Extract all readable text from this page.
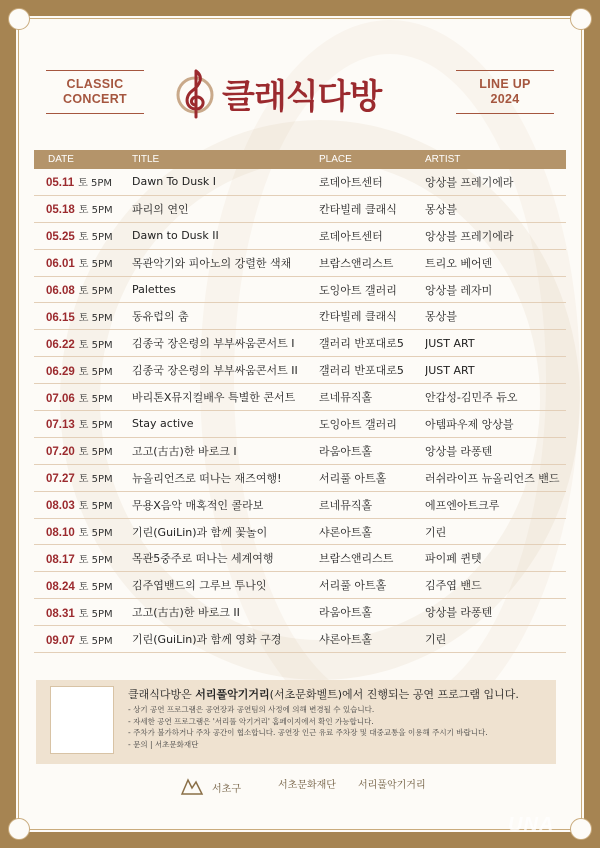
CLASSIC
CONCERT	클래식다방	LINE UP
2024
DATE	TITLE	PLACE	ARTIST
05.11 토 5PM	Dawn To Dusk I	로데아트센터	앙상블 프레기에라
05.18 토 5PM	파리의 연인	칸타빌레 클래식	몽상블
05.25 토 5PM	Dawn to Dusk II	로데아트센터	앙상블 프레기에라
06.01 토 5PM	목관악기와 피아노의 강렬한 색채	브람스앤리스트	트리오 베어덴
06.08 토 5PM	Palettes	도잉아트 갤러리	앙상블 레자미
06.15 토 5PM	동유럽의 춤	칸타빌레 클래식	몽상블
06.22 토 5PM	김종국 장은령의 부부싸움콘서트 I	갤러리 반포대로5	JUST ART
06.29 토 5PM	김종국 장은령의 부부싸움콘서트 II	갤러리 반포대로5	JUST ART
07.06 토 5PM	바리톤X뮤지컬배우 특별한 콘서트	르네뮤직홀	안갑성-김민주 듀오
07.13 토 5PM	Stay active	도잉아트 갤러리	아템파우제 앙상블
07.20 토 5PM	고고(古古)한 바로크 I	라움아트홀	앙상블 라퐁텐
07.27 토 5PM	뉴올리언즈로 떠나는 재즈여행!	서리풀 아트홀	러쉬라이프 뉴올리언즈 밴드
08.03 토 5PM	무용X음악 매혹적인 콜라보	르네뮤직홀	에프엔아트크루
08.10 토 5PM	기린(GuiLin)과 함께 꽃놀이	샤론아트홀	기린
08.17 토 5PM	목관5중주로 떠나는 세계여행	브람스앤리스트	파이페 퀸텟
08.24 토 5PM	김주엽밴드의 그루브 투나잇	서리풀 아트홀	김주엽 밴드
08.31 토 5PM	고고(古古)한 바로크 II	라움아트홀	앙상블 라퐁텐
09.07 토 5PM	기린(GuiLin)과 함께 영화 구경	샤론아트홀	기린
클래식다방은 서리풀악기거리(서초문화벨트)에서 진행되는 공연 프로그램 입니다.
- 상기 공연 프로그램은 공연장과 공연팀의 사정에 의해 변경될 수 있습니다.
- 자세한 공연 프로그램은 '서리풀 악기거리' 홈페이지에서 확인 가능합니다.
- 주차가 불가하거나 주차 공간이 협소합니다. 공연장 인근 유료 주차장 및 대중교통을 이용해 주시기 바랍니다.
- 문의 | 서초문화재단
서초구	서초문화재단 서리풀악기거리
UNA
